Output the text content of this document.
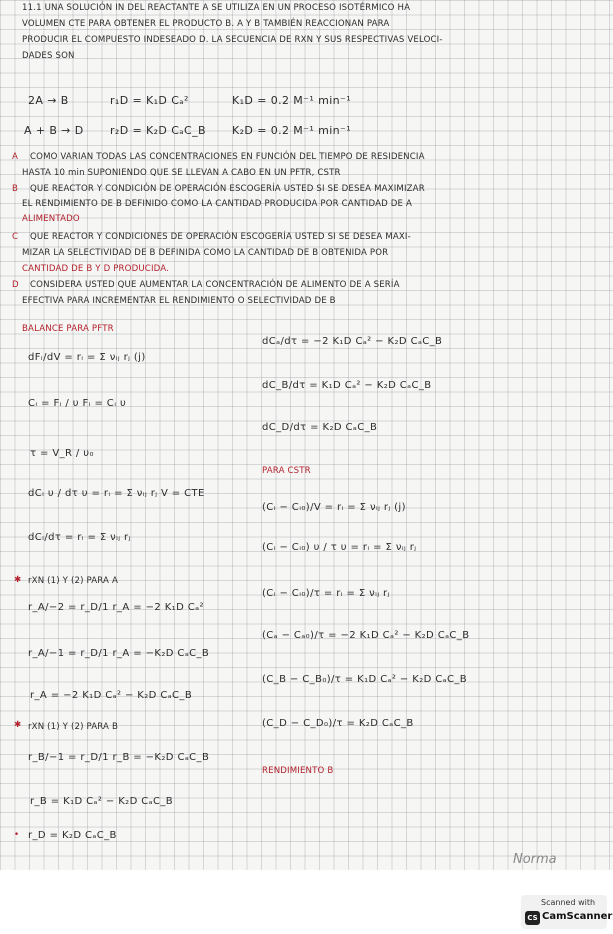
11.1 UNA SOLUCIÓN IN DEL REACTANTE A SE UTILIZA EN UN PROCESO ISOTÉRMICO HA
VOLUMEN CTE PARA OBTENER EL PRODUCTO B. A Y B TAMBIÉN REACCIONAN PARA
PRODUCIR EL COMPUESTO INDESEADO D. LA SECUENCIA DE RXN Y SUS RESPECTIVAS VELOCI-
DADES SON
2A → B	r₁D = K₁D Cₐ²	K₁D = 0.2 M⁻¹ min⁻¹
A + B → D r₂D = K₂D CₐC_B K₂D = 0.2 M⁻¹ min⁻¹
A COMO VARIAN TODAS LAS CONCENTRACIONES EN FUNCIÓN DEL TIEMPO DE RESIDENCIA
HASTA 10 min SUPONIENDO QUE SE LLEVAN A CABO EN UN PFTR, CSTR
B QUE REACTOR Y CONDICIÓN DE OPERACIÓN ESCOGERÍA USTED SI SE DESEA MAXIMIZAR
EL RENDIMIENTO DE B DEFINIDO COMO LA CANTIDAD PRODUCIDA POR CANTIDAD DE A
ALIMENTADO
C QUE REACTOR Y CONDICIONES DE OPERACIÓN ESCOGERÍA USTED SI SE DESEA MAXI-
MIZAR LA SELECTIVIDAD DE B DEFINIDA COMO LA CANTIDAD DE B OBTENIDA POR
CANTIDAD DE B Y D PRODUCIDA.
D CONSIDERA USTED QUE AUMENTAR LA CONCENTRACIÓN DE ALIMENTO DE A SERÍA
EFECTIVA PARA INCREMENTAR EL RENDIMIENTO O SELECTIVIDAD DE B
BALANCE PARA PFTR
dFᵢ/dV = rᵢ = Σ νᵢⱼ rⱼ (j)
Cᵢ = Fᵢ / υ Fᵢ = Cᵢ υ
τ = V_R / υ₀
dCᵢ υ / dτ υ = rᵢ = Σ νᵢⱼ rⱼ V = CTE
dCᵢ/dτ = rᵢ = Σ νᵢⱼ rⱼ
✱ rXN (1) Y (2) PARA A
r_A/−2 = r_D/1 r_A = −2 K₁D Cₐ²
r_A/−1 = r_D/1 r_A = −K₂D CₐC_B
r_A = −2 K₁D Cₐ² − K₂D CₐC_B
✱ rXN (1) Y (2) PARA B
r_B/−1 = r_D/1 r_B = −K₂D CₐC_B
r_B = K₁D Cₐ² − K₂D CₐC_B
• r_D = K₂D CₐC_B
dCₐ/dτ = −2 K₁D Cₐ² − K₂D CₐC_B
dC_B/dτ = K₁D Cₐ² − K₂D CₐC_B
dC_D/dτ = K₂D CₐC_B
PARA CSTR
(Cᵢ − Cᵢ₀)/V = rᵢ = Σ νᵢⱼ rⱼ (j)
(Cᵢ − Cᵢ₀) υ / τ υ = rᵢ = Σ νᵢⱼ rⱼ
(Cᵢ − Cᵢ₀)/τ = rᵢ = Σ νᵢⱼ rⱼ
(Cₐ − Cₐ₀)/τ = −2 K₁D Cₐ² − K₂D CₐC_B
(C_B − C_B₀)/τ = K₁D Cₐ² − K₂D CₐC_B
(C_D − C_D₀)/τ = K₂D CₐC_B
RENDIMIENTO B
Norma
Scanned with
CS CamScanner
